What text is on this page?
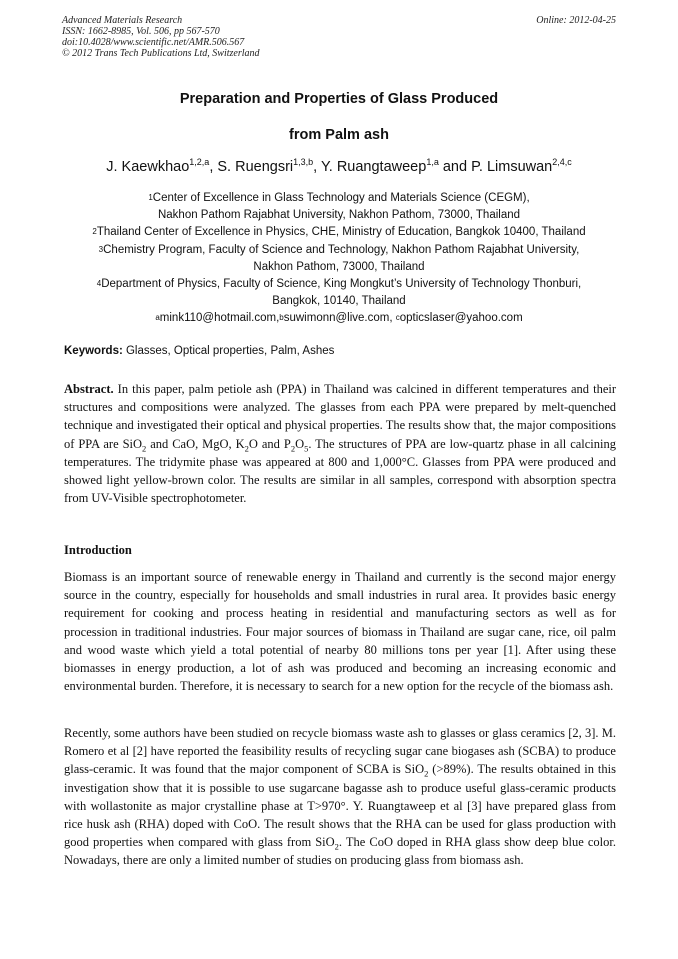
Advanced Materials Research
ISSN: 1662-8985, Vol. 506, pp 567-570
doi:10.4028/www.scientific.net/AMR.506.567
© 2012 Trans Tech Publications Ltd, Switzerland
Online: 2012-04-25
Preparation and Properties of Glass Produced
from Palm ash
J. Kaewkhao$^{1,2,a}$, S. Ruengsri$^{1,3,b}$, Y. Ruangtaweep$^{1,a}$ and P. Limsuwan$^{2,4,c}$
$^1$Center of Excellence in Glass Technology and Materials Science (CEGM),
Nakhon Pathom Rajabhat University, Nakhon Pathom, 73000, Thailand
$^2$Thailand Center of Excellence in Physics, CHE, Ministry of Education, Bangkok 10400, Thailand
$^3$Chemistry Program, Faculty of Science and Technology, Nakhon Pathom Rajabhat University,
Nakhon Pathom, 73000, Thailand
$^4$Department of Physics, Faculty of Science, King Mongkut’s University of Technology Thonburi,
Bangkok, 10140, Thailand
$^a$mink110@hotmail.com,$^b$suwimonn@live.com, $^c$opticslaser@yahoo.com
Keywords: Glasses, Optical properties, Palm, Ashes
Abstract. In this paper, palm petiole ash (PPA) in Thailand was calcined in different temperatures and their structures and compositions were analyzed. The glasses from each PPA were prepared by melt-quenched technique and investigated their optical and physical properties. The results show that, the major compositions of PPA are SiO$_2$ and CaO, MgO, $K_2O$ and $P_2O_5$. The structures of PPA are low-quartz phase in all calcining temperatures. The tridymite phase was appeared at 800 and 1,000°C. Glasses from PPA were produced and showed light yellow-brown color. The results are similar in all samples, correspond with absorption spectra from UV-Visible spectrophotometer.
Introduction
Biomass is an important source of renewable energy in Thailand and currently is the second major energy source in the country, especially for households and small industries in rural area. It provides basic energy requirement for cooking and process heating in residential and manufacturing sectors as well as for procession in traditional industries. Four major sources of biomass in Thailand are sugar cane, rice, oil palm and wood waste which yield a total potential of nearby 80 millions tons per year [1]. After using these biomasses in energy production, a lot of ash was produced and becoming an increasing economic and environmental burden. Therefore, it is necessary to search for a new option for the recycle of the biomass ash.
Recently, some authors have been studied on recycle biomass waste ash to glasses or glass ceramics [2, 3]. M. Romero et al [2] have reported the feasibility results of recycling sugar cane biogases ash (SCBA) to produce glass-ceramic. It was found that the major component of SCBA is SiO$_2$ (>89%). The results obtained in this investigation show that it is possible to use sugarcane bagasse ash to produce useful glass-ceramic products with wollastonite as major crystalline phase at T>970°. Y. Ruangtaweep et al [3] have prepared glass from rice husk ash (RHA) doped with CoO. The result shows that the RHA can be used for glass production with good properties when compared with glass from SiO$_2$. The CoO doped in RHA glass show deep blue color. Nowadays, there are only a limited number of studies on producing glass from biomass ash.
